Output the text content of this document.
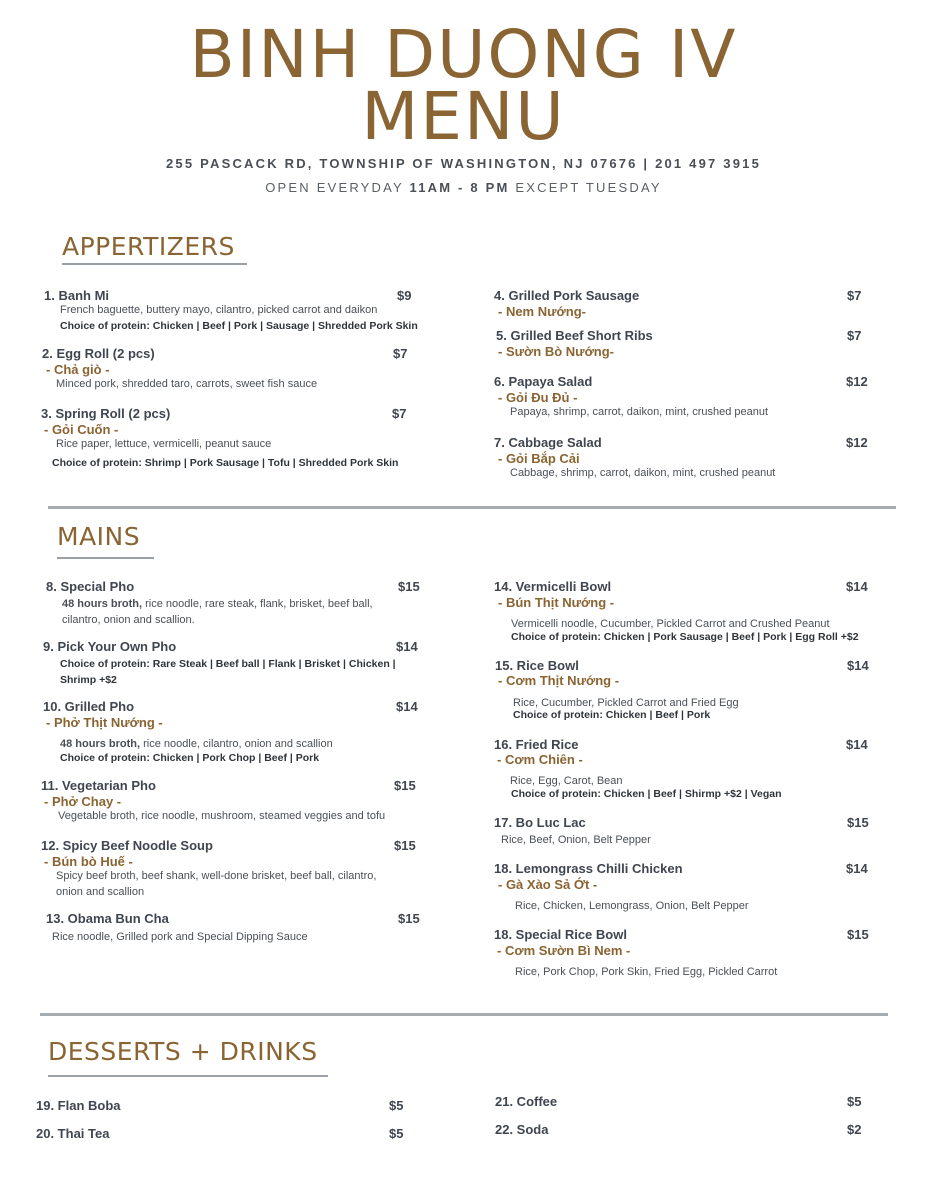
BINH DUONG IV
MENU
255 PASCACK RD, TOWNSHIP OF WASHINGTON, NJ 07676 | 201 497 3915
OPEN EVERYDAY 11AM - 8 PM EXCEPT TUESDAY
APPERTIZERS
1. Banh Mi	$9
French baguette, buttery mayo, cilantro, picked carrot and daikon
Choice of protein: Chicken | Beef | Pork | Sausage | Shredded Pork Skin
2. Egg Roll (2 pcs)	$7
- Chả giò -
Minced pork, shredded taro, carrots, sweet fish sauce
3. Spring Roll (2 pcs)	$7
- Gỏi Cuốn -
Rice paper, lettuce, vermicelli, peanut sauce
Choice of protein: Shrimp | Pork Sausage | Tofu | Shredded Pork Skin
4. Grilled Pork Sausage	$7
- Nem Nướng-
5. Grilled Beef Short Ribs	$7
- Sườn Bò Nướng-
6. Papaya Salad	$12
- Gỏi Đu Đủ -
Papaya, shrimp, carrot, daikon, mint, crushed peanut
7. Cabbage Salad	$12
- Gỏi Bắp Cải
Cabbage, shrimp, carrot, daikon, mint, crushed peanut
MAINS
8. Special Pho	$15
48 hours broth, rice noodle, rare steak, flank, brisket, beef ball,
cilantro, onion and scallion.
9. Pick Your Own Pho	$14
Choice of protein: Rare Steak | Beef ball | Flank | Brisket | Chicken |
Shrimp +$2
10. Grilled Pho	$14
- Phở Thịt Nướng -
48 hours broth, rice noodle, cilantro, onion and scallion
Choice of protein: Chicken | Pork Chop | Beef | Pork
11. Vegetarian Pho	$15
- Phở Chay -
Vegetable broth, rice noodle, mushroom, steamed veggies and tofu
12. Spicy Beef Noodle Soup	$15
- Bún bò Huế -
Spicy beef broth, beef shank, well-done brisket, beef ball, cilantro,
onion and scallion
13. Obama Bun Cha	$15
Rice noodle, Grilled pork and Special Dipping Sauce
14. Vermicelli Bowl	$14
- Bún Thịt Nướng -
Vermicelli noodle, Cucumber, Pickled Carrot and Crushed Peanut
Choice of protein: Chicken | Pork Sausage | Beef | Pork | Egg Roll +$2
15. Rice Bowl	$14
- Cơm Thịt Nướng -
Rice, Cucumber, Pickled Carrot and Fried Egg
Choice of protein: Chicken | Beef | Pork
16. Fried Rice	$14
- Cơm Chiên -
Rice, Egg, Carot, Bean
Choice of protein: Chicken | Beef | Shirmp +$2 | Vegan
17. Bo Luc Lac	$15
Rice, Beef, Onion, Belt Pepper
18. Lemongrass Chilli Chicken	$14
- Gà Xào Sả Ớt -
Rice, Chicken, Lemongrass, Onion, Belt Pepper
18. Special Rice Bowl	$15
- Cơm Sườn Bì Nem -
Rice, Pork Chop, Pork Skin, Fried Egg, Pickled Carrot
DESSERTS + DRINKS
19. Flan Boba	$5
20. Thai Tea	$5
21. Coffee	$5
22. Soda	$2
